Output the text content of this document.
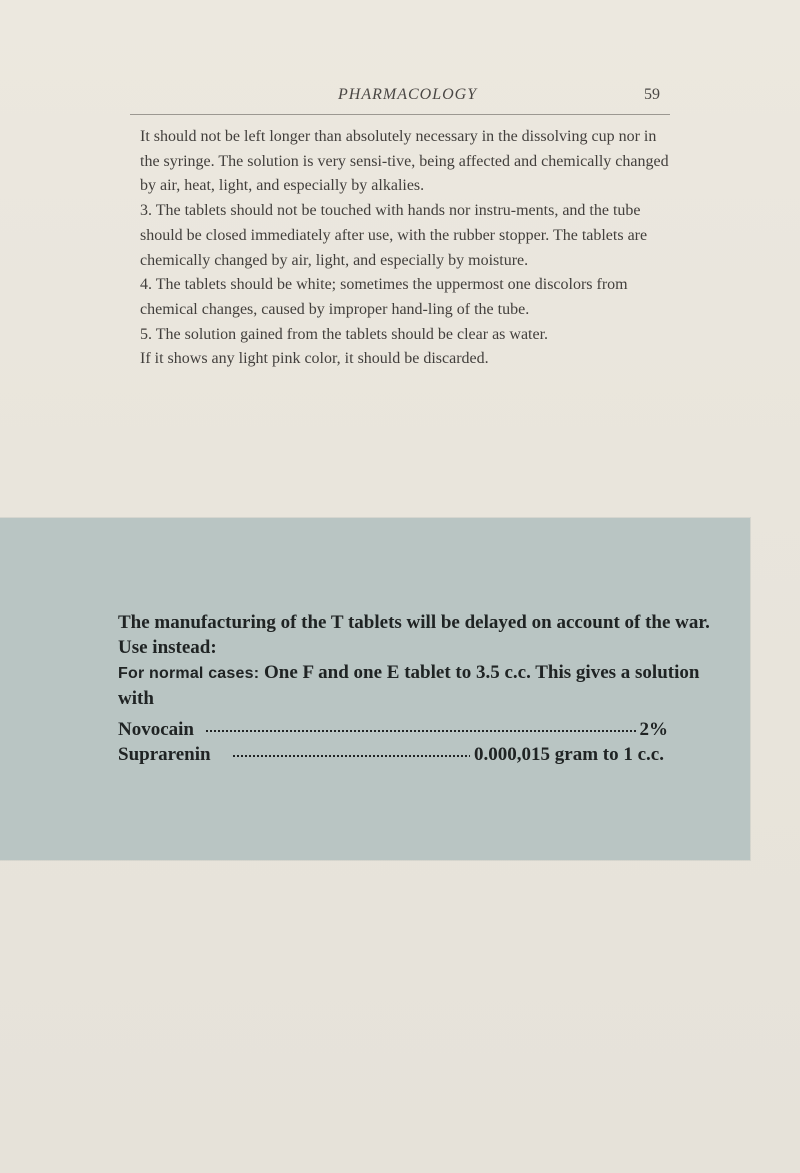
PHARMACOLOGY	59

It should not be left longer than absolutely necessary in the dissolving cup nor in the syringe. The solution is very sensi-tive, being affected and chemically changed by air, heat, light, and especially by alkalies.

3. The tablets should not be touched with hands nor instru-ments, and the tube should be closed immediately after use, with the rubber stopper. The tablets are chemically changed by air, light, and especially by moisture.

4. The tablets should be white; sometimes the uppermost one discolors from chemical changes, caused by improper hand-ling of the tube.

5. The solution gained from the tablets should be clear as water.

If it shows any light pink color, it should be discarded.

The manufacturing of the T tablets will be delayed on account of the war. Use instead:

For normal cases: One F and one E tablet to 3.5 c.c. This gives a solution with

Novocain	2%
Suprarenin	0.000,015 gram to 1 c.c.
